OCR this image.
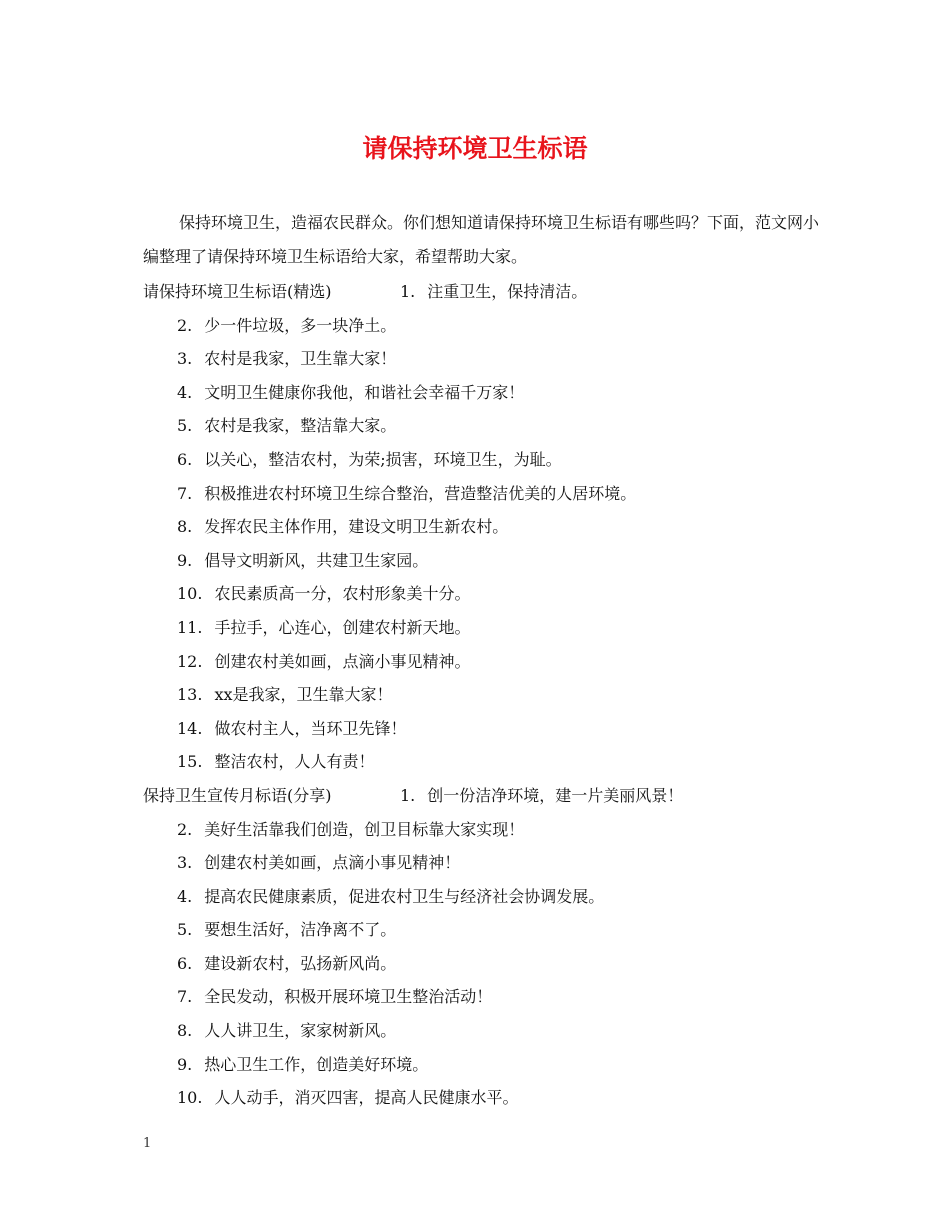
请保持环境卫生标语

保持环境卫生，造福农民群众。你们想知道请保持环境卫生标语有哪些吗？下面，范文网小编整理了请保持环境卫生标语给大家，希望帮助大家。

请保持环境卫生标语(精选)	1. 注重卫生，保持清洁。
2. 少一件垃圾，多一块净土。
3. 农村是我家，卫生靠大家！
4. 文明卫生健康你我他，和谐社会幸福千万家！
5. 农村是我家，整洁靠大家。
6. 以关心，整洁农村，为荣;损害，环境卫生，为耻。
7. 积极推进农村环境卫生综合整治，营造整洁优美的人居环境。
8. 发挥农民主体作用，建设文明卫生新农村。
9. 倡导文明新风，共建卫生家园。
10. 农民素质高一分，农村形象美十分。
11. 手拉手，心连心，创建农村新天地。
12. 创建农村美如画，点滴小事见精神。
13. xx是我家，卫生靠大家！
14. 做农村主人，当环卫先锋！
15. 整洁农村，人人有责！
保持卫生宣传月标语(分享)	1. 创一份洁净环境，建一片美丽风景！
2. 美好生活靠我们创造，创卫目标靠大家实现！
3. 创建农村美如画，点滴小事见精神！
4. 提高农民健康素质，促进农村卫生与经济社会协调发展。
5. 要想生活好，洁净离不了。
6. 建设新农村，弘扬新风尚。
7. 全民发动，积极开展环境卫生整治活动！
8. 人人讲卫生，家家树新风。
9. 热心卫生工作，创造美好环境。
10. 人人动手，消灭四害，提高人民健康水平。
1
